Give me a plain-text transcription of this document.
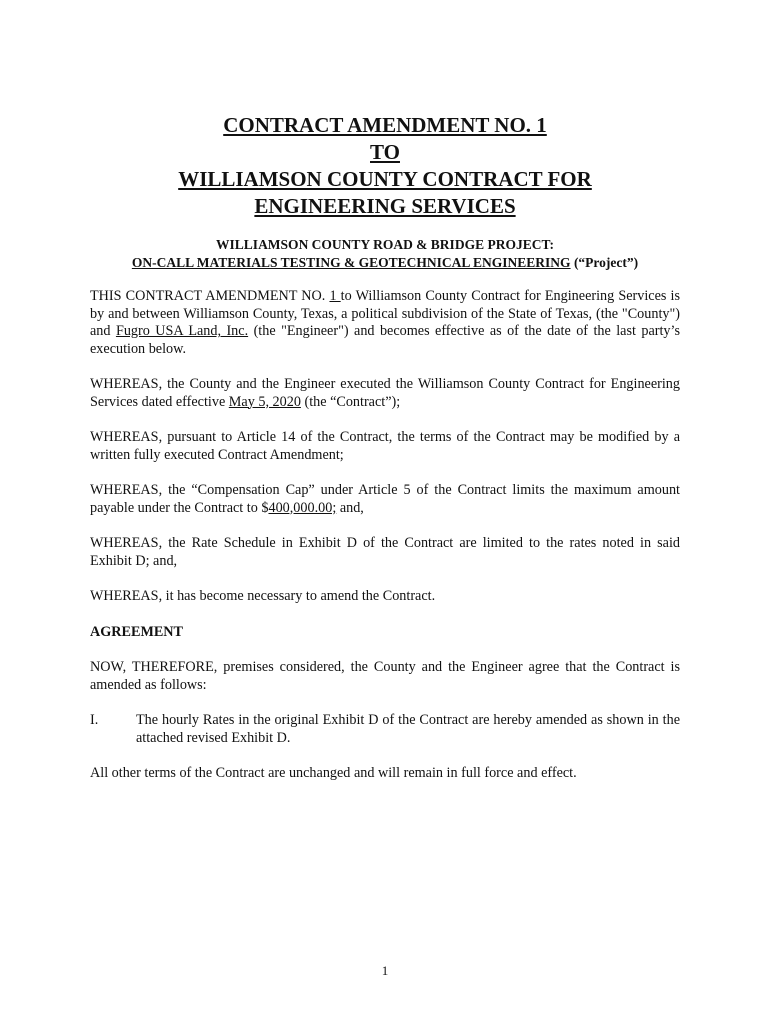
CONTRACT AMENDMENT NO. 1
TO
WILLIAMSON COUNTY CONTRACT FOR
ENGINEERING SERVICES
WILLIAMSON COUNTY ROAD & BRIDGE PROJECT:
ON-CALL MATERIALS TESTING & GEOTECHNICAL ENGINEERING (“Project”)

THIS CONTRACT AMENDMENT NO. 1 to Williamson County Contract for Engineering Services is by and between Williamson County, Texas, a political subdivision of the State of Texas, (the "County") and Fugro USA Land, Inc. (the "Engineer") and becomes effective as of the date of the last party’s execution below.

WHEREAS, the County and the Engineer executed the Williamson County Contract for Engineering Services dated effective May 5, 2020 (the “Contract”);

WHEREAS, pursuant to Article 14 of the Contract, the terms of the Contract may be modified by a written fully executed Contract Amendment;

WHEREAS, the “Compensation Cap” under Article 5 of the Contract limits the maximum amount payable under the Contract to $400,000.00; and,

WHEREAS, the Rate Schedule in Exhibit D of the Contract are limited to the rates noted in said Exhibit D; and,

WHEREAS, it has become necessary to amend the Contract.

AGREEMENT

NOW, THEREFORE, premises considered, the County and the Engineer agree that the Contract is amended as follows:

I.	The hourly Rates in the original Exhibit D of the Contract are hereby amended as shown in the attached revised Exhibit D.

All other terms of the Contract are unchanged and will remain in full force and effect.

1
